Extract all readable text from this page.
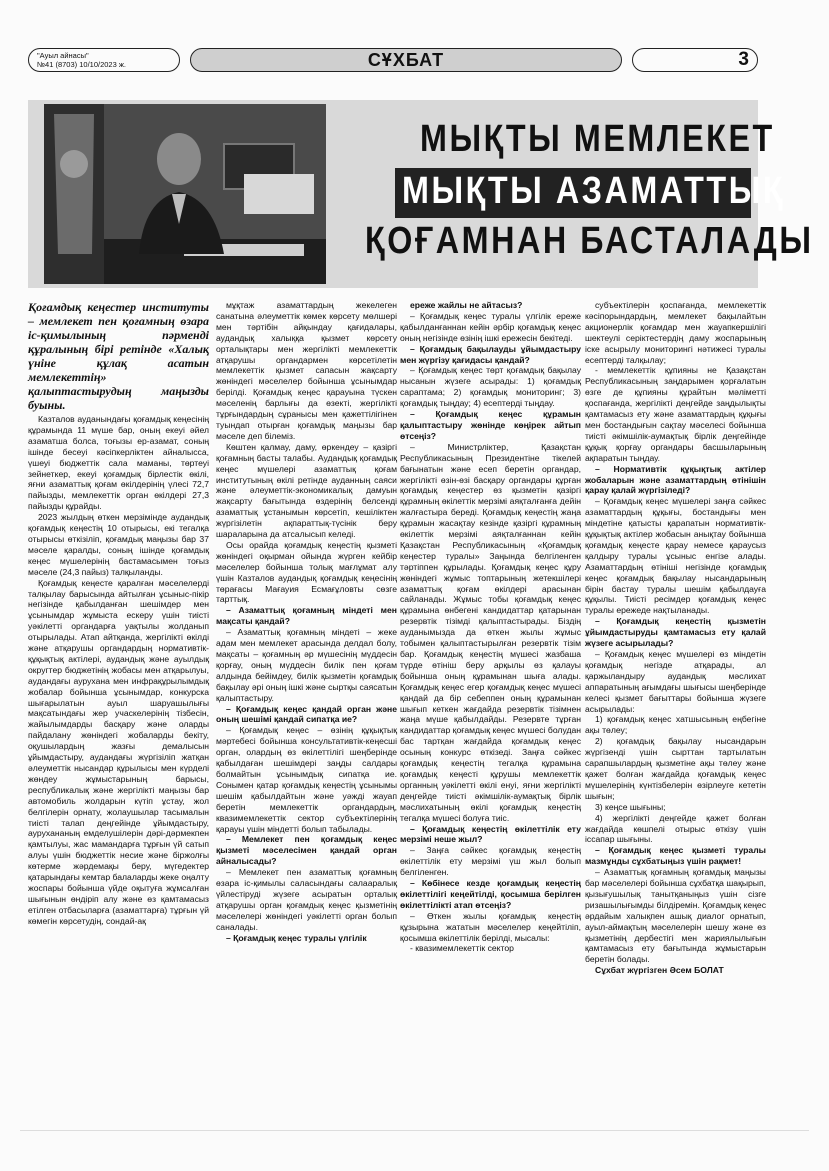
"Ауыл айнасы"
№41 (8703) 10/10/2023 ж.	СҰХБАТ	3
МЫҚТЫ МЕМЛЕКЕТ
МЫҚТЫ АЗАМАТТЫҚ
ҚОҒАМНАН БАСТАЛАДЫ
Қоғамдық кеңестер институты – мемлекет пен қоғамның өзара іс-қимылының пәрменді құралының бірі ретінде «Халық үніне құлақ асатын мемлекеттің» қалыптастырудың маңызды буыны.

Казталов ауданындағы қоғамдық кеңесінің құрамында 11 мүше бар, оның екеуі әйел азаматша болса, тоғызы ер-азамат, соның ішінде бесеуі кәсіпкерліктен айналысса, үшеуі бюджеттік сала маманы, төртеуі зейнеткер, екеуі қоғамдық бірлестік өкілі, яғни азаматтық қоғам өкілдерінің үлесі 72,7 пайызды, мемлекеттік орган өкілдері 27,3 пайызды құрайды.

2023 жылдың өткен мерзімінде аудандық қоғамдық кеңестің 10 отырысы, екі тегалқа отырысы өткізіліп, қоғамдық маңызы бар 37 мәселе қаралды, соның ішінде қоғамдық кеңес мүшелерінің бастамасымен тоғыз мәселе (24,3 пайыз) талқыланды.

Қоғамдық кеңесте қаралған мәселелерді талқылау барысында айтылған ұсыныс-пікір негізінде қабылданған шешімдер мен ұсынымдар жұмыста ескеру үшін тиісті уәкілетті органдарға уақтылы жолданып отырылады. Атап айтқанда, жергілікті өкілді және атқарушы органдардың нормативтік-құқықтық актілері, аудандық және ауылдық округтер бюджетінің жобасы мен атқарылуы, аудандағы аурухана мен инфрақұрылымдық жобалар бойынша ұсынымдар, конкурска шығарылатын ауыл шаруашылығы мақсатындағы жер учаскелерінің тізбесін, жайылымдарды басқару және оларды пайдалану жөніндегі жобаларды бекіту, оқушылардың жазғы демалысын ұйымдастыру, аудандағы жүргізіліп жатқан әлеуметтік нысандар құрылысы мен күрделі жөндеу жұмыстарының барысы, республикалық және жергілікті маңызы бар автомобиль жолдарын күтіп ұстау, жол белгілерін орнату, жолаушылар тасымалын тиісті талап деңгейінде ұйымдастыру, аурухананың емделушілерін дәрі-дәрмекпен қамтылуы, жас мамандарға тұрғын үй сатып алуы үшін бюджеттік несие және біржолғы көтерме жәрдемақы беру, мүгедектер қатарындағы кемтар балаларды жеке оңалту жоспары бойынша үйде оқытуға жұмсалған шығынын өндіріп алу және өз қамтамасыз етілген отбасыларға (азаматтарға) тұрғын үй көмегін көрсетудің, сондай-ақ

мұқтаж азаматтардың жекелеген санатына әлеуметтік көмек көрсету мөлшері мен тәртібін айқындау қағидалары, аудандық халыққа қызмет көрсету орталықтары мен жергілікті мемлекеттік атқарушы органдармен көрсетілетін мемлекеттік қызмет сапасын жақсарту жөніндегі мәселелер бойынша ұсынымдар берілді. Қоғамдық кеңес қарауына түскен мәселенің барлығы да өзекті, жергілікті тұрғындардың сұранысы мен қажеттілігінен туындап отырған қоғамдық маңызы бар мәселе деп білеміз.

Көштен қалмау, даму, өркендеу – қазіргі қоғамның басты талабы. Аудандық қоғамдық кеңес мүшелері азаматтық қоғам институтының өкілі ретінде ауданның саяси және әлеуметтік-экономикалық дамуын жақсарту бағытында өздерінің белсенді азаматтық ұстанымын көрсетіп, кешіліктен жүргізілетін ақпараттық-түсінік беру шараларына да атсалысып келеді.

Осы орайда қоғамдық кеңестің қызметі жөніндегі оқырман ойында жүрген кейбір мәселелер бойынша толық мағлұмат алу үшін Казталов аудандық қоғамдық кеңесінің төрағасы Мағауия Есмағұловты сөзге тарттық.

– Азаматтық қоғамның міндеті мен мақсаты қандай?

– Азаматтық қоғамның міндеті – жеке адам мен мемлекет арасында делдал болу, мақсаты – қоғамның әр мүшесінің мүддесін қорғау, оның мүддесін билік пен қоғам алдында бейімдеу, билік қызметін қоғамдық бақылау әрі оның ішкі және сыртқы саясатын қалыптастыру.

– Қоғамдық кеңес қандай орган және оның шешімі қандай сипатқа ие?

– Қоғамдық кеңес – өзінің құқықтық мәртебесі бойынша консультативтік-кеңесші орган, олардың өз өкілеттілігі шеңберінде қабылдаған шешімдері заңды салдары болмайтын ұсынымдық сипатқа ие. Сонымен қатар қоғамдық кеңестің ұсынымы шешім қабылдайтын және уәжді жауап беретін мемлекеттік органдардың, квазимемлекеттік сектор субъектілерінің қарауы үшін міндетті болып табылады.

– Мемлекет пен қоғамдық кеңес қызметі мәселесімен қандай орган айналысады?

– Мемлекет пен азаматтық қоғамның өзара іс-қимылы саласындағы салааралық үйлестіруді жүзеге асыратын орталық атқарушы орган қоғамдық кеңес қызметінің мәселелері жөніндегі уәкілетті орган болып саналады.

– Қоғамдық кеңес туралы үлгілік

ереже жайлы не айтасыз?

– Қоғамдық кеңес туралы үлгілік ереже қабылданғаннан кейін әрбір қоғамдық кеңес оның негізінде өзінің ішкі ережесін бекітеді.

– Қоғамдық бақылауды ұйымдастыру мен жүргізу қағидасы қандай?

– Қоғамдық кеңес төрт қоғамдық бақылау нысанын жүзеге асырады: 1) қоғамдық сараптама; 2) қоғамдық мониторинг; 3) қоғамдық тыңдау; 4) есептерді тыңдау.

– Қоғамдық кеңес құрамын қалыптастыру жөнінде көңірек айтып өтсеңіз?

– Министрліктер, Қазақстан Республикасының Президентіне тікелей бағынатын және есеп беретін органдар, жергілікті өзін-өзі басқару органдары құрған қоғамдық кеңестер өз қызметін қазіргі құрамның өкілеттік мерзімі аяқталғанға дейін жалғастыра береді. Қоғамдық кеңестің жаңа құрамын жасақтау кезінде қазіргі құрамның өкілеттік мерзімі аяқталғаннан кейін Қазақстан Республикасының «Қоғамдық кеңестер туралы» Заңында белгіленген тәртіппен құрылады. Қоғамдық кеңес құру жөніндегі жұмыс топтарының жетекшілері азаматтық қоғам өкілдері арасынан сайланады. Жұмыс тобы қоғамдық кеңес құрамына өнбегені кандидаттар қатарынан резервтік тізімді қалыптастырады. Біздің ауданымызда да өткен жылы жұмыс тобымен қалыптастырылған резервтік тізім бар. Қоғамдық кеңестің мүшесі жазбаша түрде өтініш беру арқылы өз қалауы бойынша оның құрамынан шыға алады. Қоғамдық кеңес егер қоғамдық кеңес мүшесі қандай да бір себеппен оның құрамынан шығып кеткен жағдайда резервтік тізімнен жаңа мүше қабылдайды. Резервте тұрған кандидаттар қоғамдық кеңес мүшесі болудан бас тартқан жағдайда қоғамдық кеңес осының конкурс өткізеді. Заңға сәйкес қоғамдық кеңестің тегалқа құрамына қоғамдық кеңесті құрушы мемлекеттік органның уәкілетті өкілі енуі, яғни жергілікті деңгейде тиісті әкімшілік-аумақтық бірлік мәслихатының өкілі қоғамдық кеңестің тегалқа мүшесі болуға тиіс.

– Қоғамдық кеңестің өкілеттілік ету мерзімі неше жыл?

– Заңға сәйкес қоғамдық кеңестің өкілеттілік ету мерзімі үш жыл болып белгіленген.

– Көбінесе кезде қоғамдық кеңестің өкілеттілігі кеңейтілді, қосымша берілген өкілеттілікті атап өтсеңіз?

– Өткен жылы қоғамдық кеңестің құзырына жататын мәселелер кеңейтіліп, қосымша өкілеттілік берілді, мысалы:

- квазимемлекеттік сектор

субъектілерін қоспағанда, мемлекеттік кәсіпорындардың, мемлекет бақылайтын акционерлік қоғамдар мен жауапкершілігі шектеулі серіктестердің даму жоспарының іске асырылу мониторингі нәтижесі туралы есептерді талқылау;

- мемлекеттік құпияны не Қазақстан Республикасының заңдарымен қорғалатын өзге де құпияны құрайтын мәліметті қоспағанда, жергілікті деңгейде заңдылықты қамтамасыз ету және азаматтардың құқығы мен бостандығын сақтау мәселесі бойынша тиісті әкімшілік-аумақтық бірлік деңгейінде құқық қорғау органдары басшыларының ақпаратын тыңдау.

– Нормативтік құқықтық актілер жобаларын және азаматтардың өтінішін қарау қалай жүргізіледі?

– Қоғамдық кеңес мүшелері заңға сәйкес азаматтардың құқығы, бостандығы мен міндетіне қатысты қарапатын нормативтік-құқықтық актілер жобасын анықтау бойынша қоғамдық кеңесте қарау немесе қараусыз қалдыру туралы ұсыныс енгізе алады. Азаматтардың өтініші негізінде қоғамдық кеңес қоғамдық бақылау нысандарының бірін бастау туралы шешім қабылдауға құқылы. Тиісті ресімдер қоғамдық кеңес туралы ережеде нақтыланады.

– Қоғамдық кеңестің қызметін ұйымдастыруды қамтамасыз ету қалай жүзеге асырылады?

– Қоғамдық кеңес мүшелері өз міндетін қоғамдық негізде атқарады, ал қаржыландыру аудандық мәслихат аппаратының ағымдағы шығысы шеңберінде келесі қызмет бағыттары бойынша жүзеге асырылады:

1) қоғамдық кеңес хатшысының еңбегіне ақы төлеу;

2) қоғамдық бақылау нысандарын жүргізенді үшін сырттан тартылатын сарапшылардың қызметіне ақы төлеу және қажет болған жағдайда қоғамдық кеңес мүшелерінің күнтізбелерін өзірлеуге кететін шығын;

3) кеңсе шығыны;

4) жергілікті деңгейде қажет болған жағдайда көшпелі отырыс өткізу үшін іссапар шығыны.

– Қоғамдық кеңес қызметі туралы мазмұнды сұхбатыңыз үшін рақмет!

– Азаматтық қоғамның қоғамдық маңызы бар мәселелері бойынша сұхбатқа шақырып, қызығушылық танытқаныңыз үшін сізге ризашылығымды білдіремін. Қоғамдық кеңес әрдайым халықпен ашық диалог орнатып, ауыл-аймақтың мәселелерін шешу және өз қызметінің дербестігі мен жариялылығын қамтамасыз ету бағытында жұмыстарын беретін болады.

Сұхбат жүргізген Әсем БОЛАТ
